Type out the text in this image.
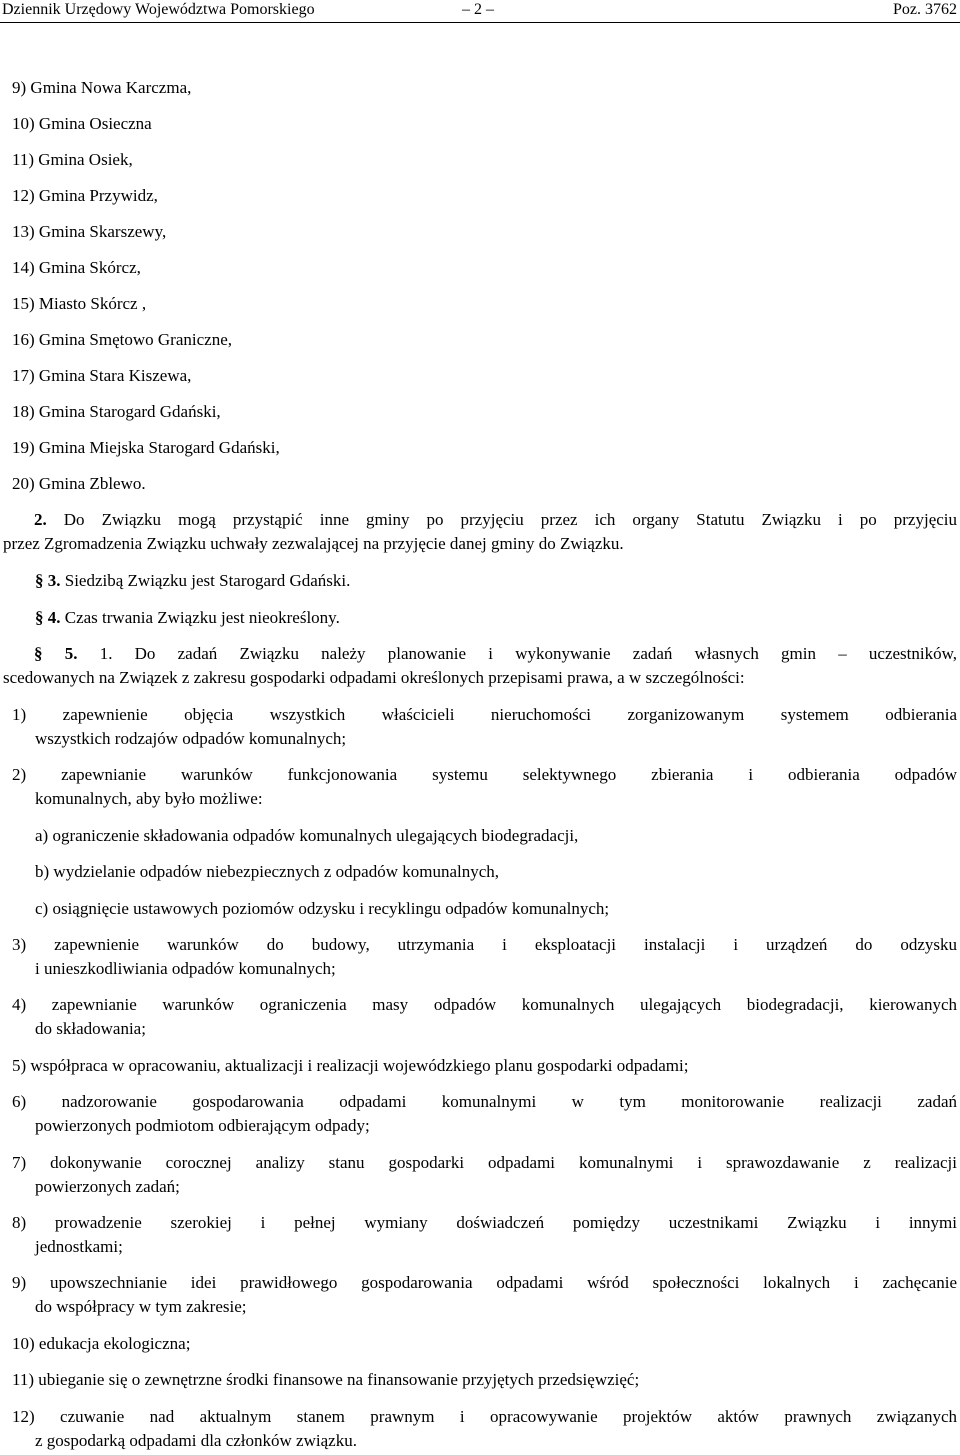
Dziennik Urzędowy Województwa Pomorskiego	– 2 –	Poz. 3762
9) Gmina Nowa Karczma,
10) Gmina Osieczna
11) Gmina Osiek,
12) Gmina Przywidz,
13) Gmina Skarszewy,
14) Gmina Skórcz,
15) Miasto Skórcz ,
16) Gmina Smętowo Graniczne,
17) Gmina Stara Kiszewa,
18) Gmina Starogard Gdański,
19) Gmina Miejska Starogard Gdański,
20) Gmina Zblewo.
2. Do Związku mogą przystąpić inne gminy po przyjęciu przez ich organy Statutu Związku i po przyjęciu
przez Zgromadzenia Związku uchwały zezwalającej na przyjęcie danej gminy do Związku.
§ 3. Siedzibą Związku jest Starogard Gdański.
§ 4. Czas trwania Związku jest nieokreślony.
§ 5. 1. Do zadań Związku należy planowanie i wykonywanie zadań własnych gmin – uczestników,
scedowanych na Związek z zakresu gospodarki odpadami określonych przepisami prawa, a w szczególności:
1) zapewnienie objęcia wszystkich właścicieli nieruchomości zorganizowanym systemem odbierania
wszystkich rodzajów odpadów komunalnych;
2) zapewnianie warunków funkcjonowania systemu selektywnego zbierania i odbierania odpadów
komunalnych, aby było możliwe:
a) ograniczenie składowania odpadów komunalnych ulegających biodegradacji,
b) wydzielanie odpadów niebezpiecznych z odpadów komunalnych,
c) osiągnięcie ustawowych poziomów odzysku i recyklingu odpadów komunalnych;
3) zapewnienie warunków do budowy, utrzymania i eksploatacji instalacji i urządzeń do odzysku
i unieszkodliwiania odpadów komunalnych;
4) zapewnianie warunków ograniczenia masy odpadów komunalnych ulegających biodegradacji, kierowanych
do składowania;
5) współpraca w opracowaniu, aktualizacji i realizacji wojewódzkiego planu gospodarki odpadami;
6) nadzorowanie gospodarowania odpadami komunalnymi w tym monitorowanie realizacji zadań
powierzonych podmiotom odbierającym odpady;
7) dokonywanie corocznej analizy stanu gospodarki odpadami komunalnymi i sprawozdawanie z realizacji
powierzonych zadań;
8) prowadzenie szerokiej i pełnej wymiany doświadczeń pomiędzy uczestnikami Związku i innymi
jednostkami;
9) upowszechnianie idei prawidłowego gospodarowania odpadami wśród społeczności lokalnych i zachęcanie
do współpracy w tym zakresie;
10) edukacja ekologiczna;
11) ubieganie się o zewnętrzne środki finansowe na finansowanie przyjętych przedsięwzięć;
12) czuwanie nad aktualnym stanem prawnym i opracowywanie projektów aktów prawnych związanych
z gospodarką odpadami dla członków związku.
